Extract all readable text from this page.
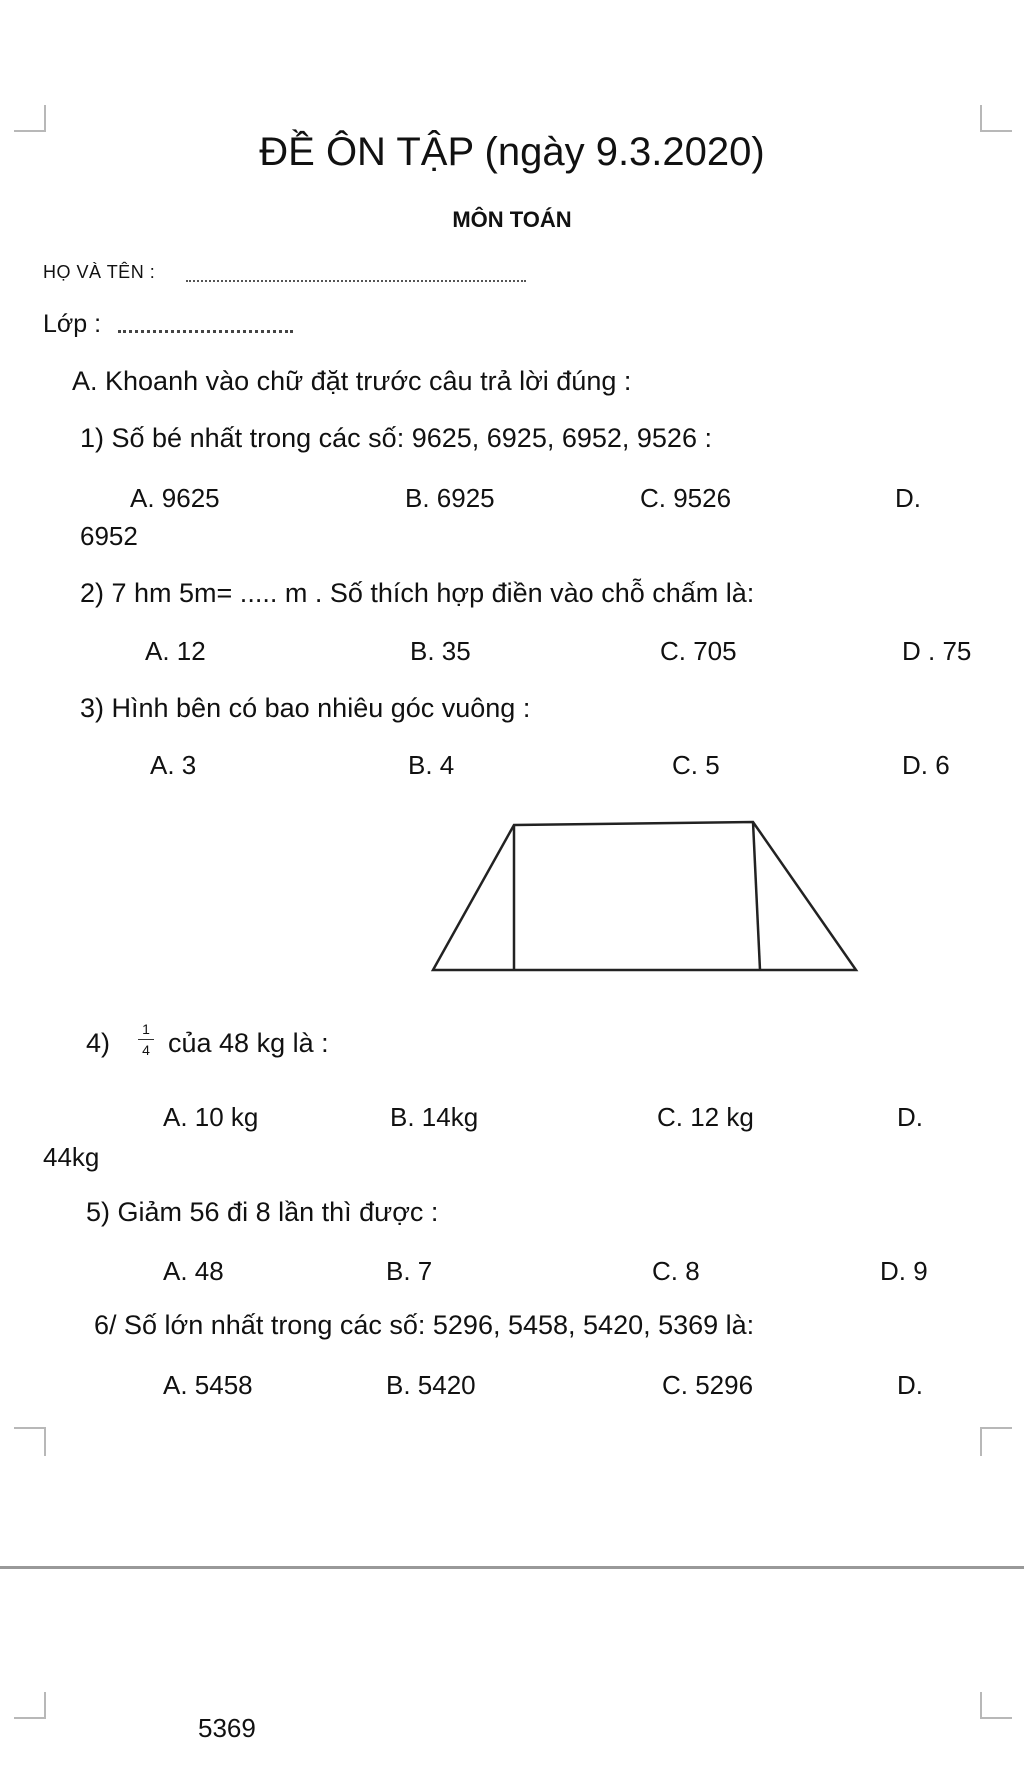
ĐỀ ÔN TẬP (ngày 9.3.2020)
MÔN TOÁN
HỌ VÀ TÊN :
Lớp :
A. Khoanh vào chữ đặt trước câu trả lời đúng :
1) Số bé nhất trong các số: 9625, 6925, 6952, 9526 :
A. 9625	B. 6925	C. 9526	D.
6952
2) 7 hm 5m= ..... m . Số thích hợp điền vào chỗ chấm là:
A. 12	B. 35	C. 705	D . 75
3) Hình bên có bao nhiêu góc vuông :
A. 3	B. 4	C. 5	D. 6
4) 1
4 của 48 kg là :
A. 10 kg	B. 14kg	C. 12 kg	D.
44kg
5) Giảm 56 đi 8 lần thì được :
A. 48	B. 7	C. 8	D. 9
6/ Số lớn nhất trong các số: 5296, 5458, 5420, 5369 là:
A. 5458	B. 5420	C. 5296	D.
5369
